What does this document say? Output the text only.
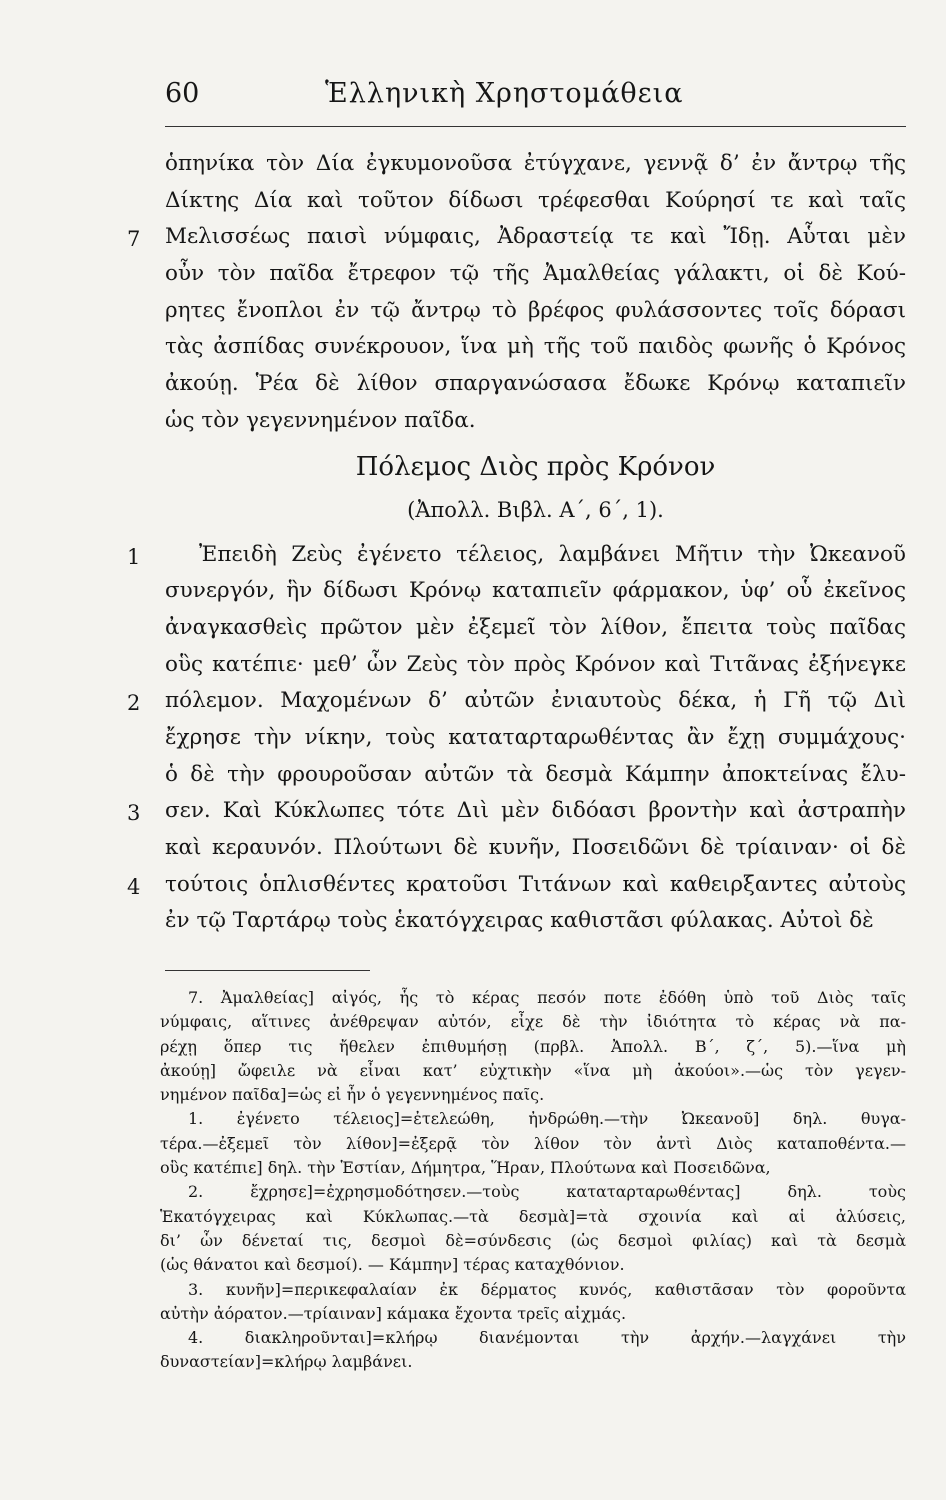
60	Ἑλληνικὴ Χρηστομάθεια
ὁπηνίκα τὸν Δία ἐγκυμονοῦσα ἐτύγχανε, γεννᾷ δ’ ἐν ἄντρῳ τῆς
Δίκτης Δία καὶ τοῦτον δίδωσι τρέφεσθαι Κούρησί τε καὶ ταῖς
7 Μελισσέως παισὶ νύμφαις, Ἀδραστείᾳ τε καὶ Ἴδῃ. Αὗται μὲν
οὖν τὸν παῖδα ἔτρεφον τῷ τῆς Ἀμαλθείας γάλακτι, οἱ δὲ Κού-
ρητες ἔνοπλοι ἐν τῷ ἄντρῳ τὸ βρέφος φυλάσσοντες τοῖς δόρασι
τὰς ἀσπίδας συνέκρουον, ἵνα μὴ τῆς τοῦ παιδὸς φωνῆς ὁ Κρόνος
ἀκούῃ. Ῥέα δὲ λίθον σπαργανώσασα ἔδωκε Κρόνῳ καταπιεῖν
ὡς τὸν γεγεννημένον παῖδα.
Πόλεμος Διὸς πρὸς Κρόνον
(Ἀπολλ. Βιβλ. Α΄, 6΄, 1).
1	Ἐπειδὴ Ζεὺς ἐγένετο τέλειος, λαμβάνει Μῆτιν τὴν Ὠκεανοῦ
συνεργόν, ἣν δίδωσι Κρόνῳ καταπιεῖν φάρμακον, ὑφ’ οὗ ἐκεῖνος
ἀναγκασθεὶς πρῶτον μὲν ἐξεμεῖ τὸν λίθον, ἔπειτα τοὺς παῖδας
οὓς κατέπιε· μεθ’ ὧν Ζεὺς τὸν πρὸς Κρόνον καὶ Τιτᾶνας ἐξήνεγκε
2 πόλεμον. Μαχομένων δ’ αὐτῶν ἐνιαυτοὺς δέκα, ἡ Γῆ τῷ Διὶ
ἔχρησε τὴν νίκην, τοὺς καταταρταρωθέντας ἂν ἔχῃ συμμάχους·
ὁ δὲ τὴν φρουροῦσαν αὐτῶν τὰ δεσμὰ Κάμπην ἀποκτείνας ἔλυ-
3 σεν. Καὶ Κύκλωπες τότε Διὶ μὲν διδόασι βροντὴν καὶ ἀστραπὴν
καὶ κεραυνόν. Πλούτωνι δὲ κυνῆν, Ποσειδῶνι δὲ τρίαιναν· οἱ δὲ
4 τούτοις ὁπλισθέντες κρατοῦσι Τιτάνων καὶ καθειρξαντες αὐτοὺς
ἐν τῷ Ταρτάρῳ τοὺς ἑκατόγχειρας καθιστᾶσι φύλακας. Αὐτοὶ δὲ
7. Ἀμαλθείας] αἰγός, ἧς τὸ κέρας πεσόν ποτε ἐδόθη ὑπὸ τοῦ Διὸς ταῖς
νύμφαις, αἵτινες ἀνέθρεψαν αὐτόν, εἶχε δὲ τὴν ἰδιότητα τὸ κέρας νὰ πα-
ρέχῃ ὅπερ τις ἤθελεν ἐπιθυμήσῃ (πρβλ. Ἀπολλ. Β΄, ζ΄, 5).—ἵνα μὴ
ἀκούῃ] ὤφειλε νὰ εἶναι κατ’ εὐχτικὴν «ἵνα μὴ ἀκούοι».—ὡς τὸν γεγεν-
νημένον παῖδα]=ὡς εἰ ἦν ὁ γεγεννημένος παῖς.
1. ἐγένετο τέλειος]=ἐτελεώθη, ἠνδρώθη.—τὴν Ὠκεανοῦ] δηλ. θυγα-
τέρα.—ἐξεμεῖ τὸν λίθον]=ἐξερᾷ τὸν λίθον τὸν ἀντὶ Διὸς καταποθέντα.—
οὓς κατέπιε] δηλ. τὴν Ἑστίαν, Δήμητρα, Ἥραν, Πλούτωνα καὶ Ποσειδῶνα,
2. ἔχρησε]=ἐχρησμοδότησεν.—τοὺς καταταρταρωθέντας] δηλ. τοὺς
Ἑκατόγχειρας καὶ Κύκλωπας.—τὰ δεσμὰ]=τὰ σχοινία καὶ αἱ ἀλύσεις,
δι’ ὧν δένεταί τις, δεσμοὶ δὲ=σύνδεσις (ὡς δεσμοὶ φιλίας) καὶ τὰ δεσμὰ
(ὡς θάνατοι καὶ δεσμοί). — Κάμπην] τέρας καταχθόνιον.
3. κυνῆν]=περικεφαλαίαν ἐκ δέρματος κυνός, καθιστᾶσαν τὸν φοροῦντα
αὐτὴν ἀόρατον.—τρίαιναν] κάμακα ἔχοντα τρεῖς αἰχμάς.
4. διακληροῦνται]=κλήρῳ διανέμονται τὴν ἀρχήν.—λαγχάνει τὴν
δυναστείαν]=κλήρῳ λαμβάνει.
